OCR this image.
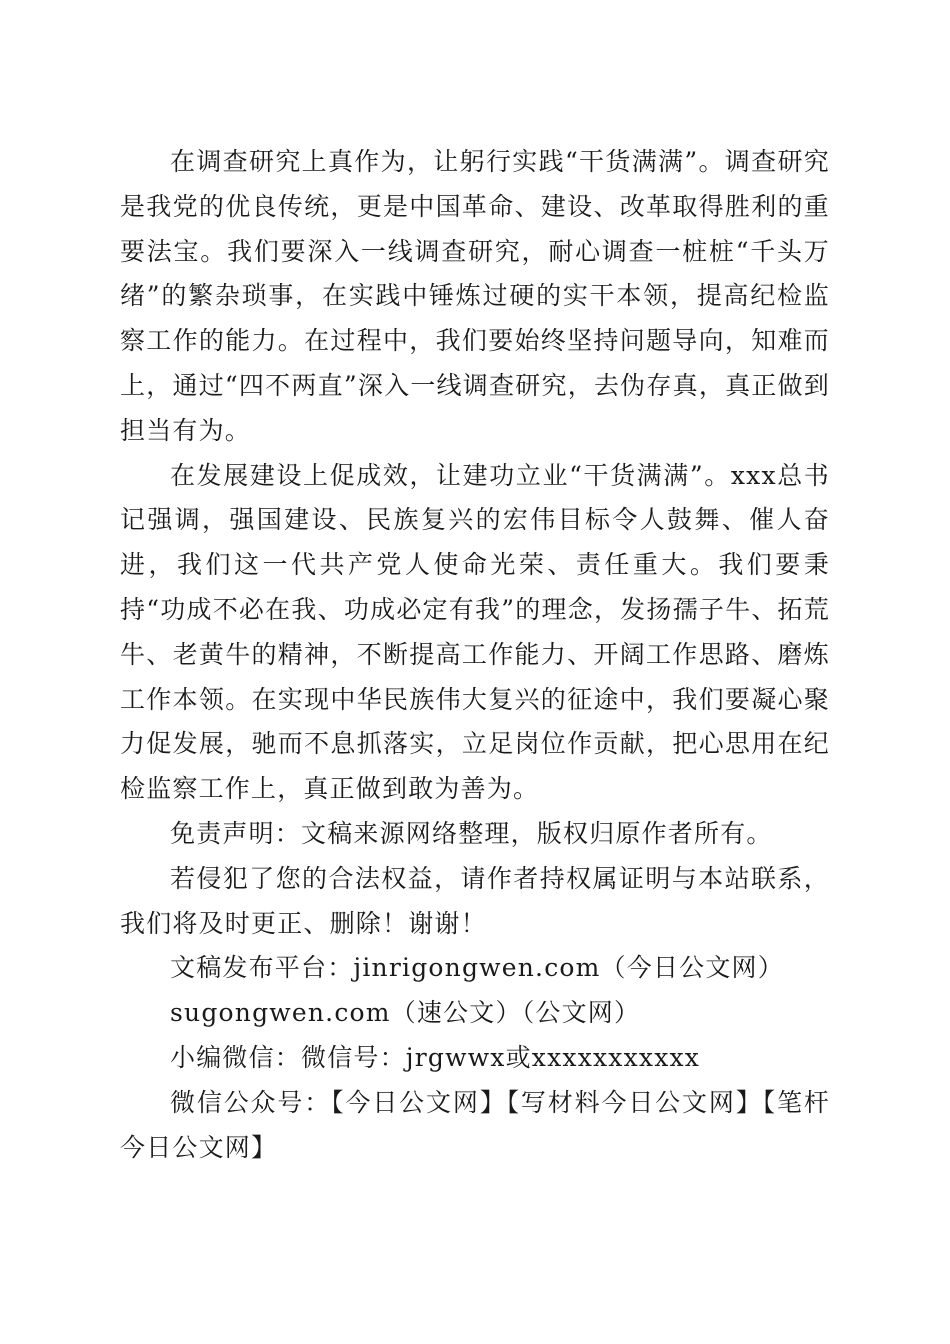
在调查研究上真作为，让躬行实践“干货满满”。调查研究是我党的优良传统，更是中国革命、建设、改革取得胜利的重要法宝。我们要深入一线调查研究，耐心调查一桩桩“千头万绪”的繁杂琐事，在实践中锤炼过硬的实干本领，提高纪检监察工作的能力。在过程中，我们要始终坚持问题导向，知难而上，通过“四不两直”深入一线调查研究，去伪存真，真正做到担当有为。

在发展建设上促成效，让建功立业“干货满满”。xxx总书记强调，强国建设、民族复兴的宏伟目标令人鼓舞、催人奋进，我们这一代共产党人使命光荣、责任重大。我们要秉持“功成不必在我、功成必定有我”的理念，发扬孺子牛、拓荒牛、老黄牛的精神，不断提高工作能力、开阔工作思路、磨炼工作本领。在实现中华民族伟大复兴的征途中，我们要凝心聚力促发展，驰而不息抓落实，立足岗位作贡献，把心思用在纪检监察工作上，真正做到敢为善为。

免责声明：文稿来源网络整理，版权归原作者所有。

若侵犯了您的合法权益，请作者持权属证明与本站联系，我们将及时更正、删除！谢谢！

文稿发布平台：jinrigongwen.com（今日公文网）

sugongwen.com（速公文）（公文网）

小编微信：微信号：jrgwwx或xxxxxxxxxxx

微信公众号：【今日公文网】【写材料今日公文网】【笔杆今日公文网】
